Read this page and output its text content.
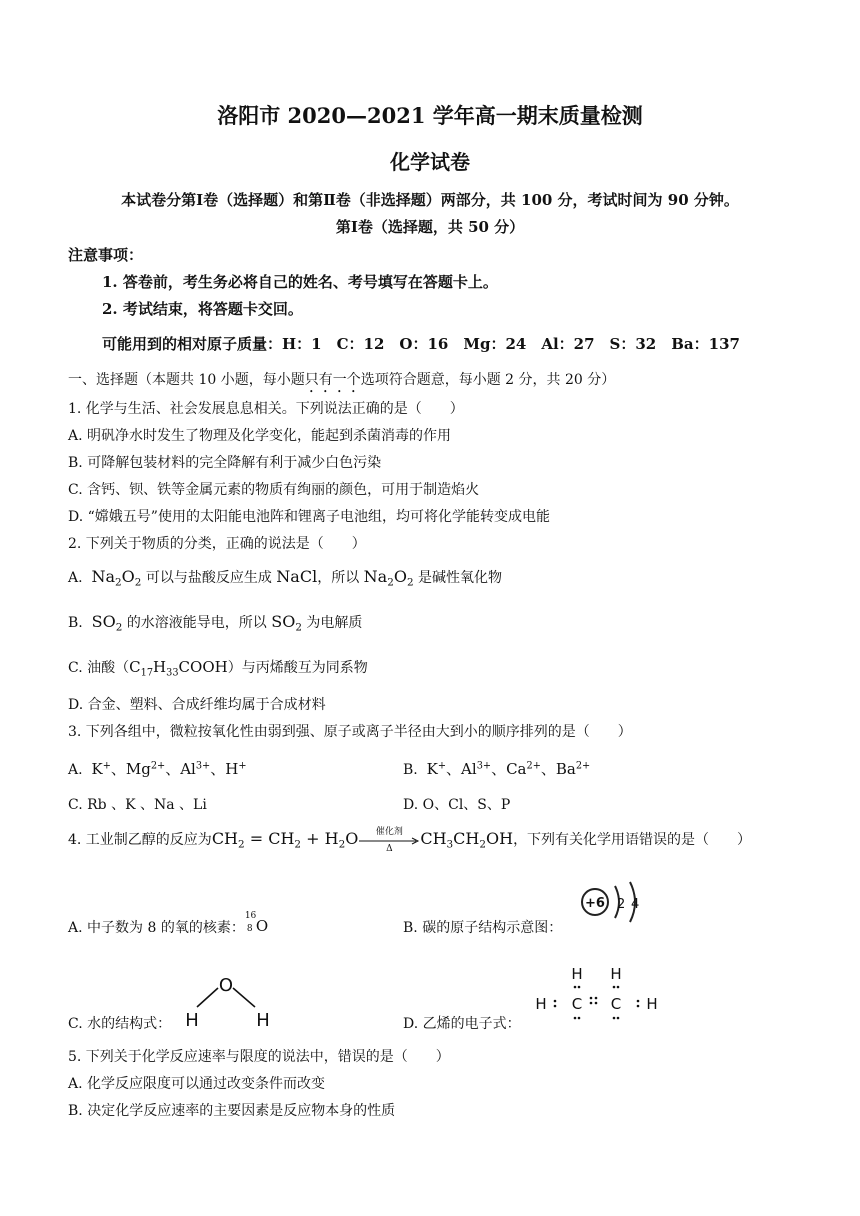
洛阳市 2020—2021 学年高一期末质量检测
化学试卷
本试卷分第Ⅰ卷（选择题）和第Ⅱ卷（非选择题）两部分，共 100 分，考试时间为 90 分钟。
第Ⅰ卷（选择题，共 50 分）
注意事项：
1. 答卷前，考生务必将自己的姓名、考号填写在答题卡上。
2. 考试结束，将答题卡交回。
可能用到的相对原子质量：H：1　C：12　O：16　Mg：24　Al：27　S：32　Ba：137
一、选择题（本题共 10 小题，每小题只有一个选项符合题意，每小题 2 分，共 20 分）
1. 化学与生活、社会发展息息相关。下列说法正确的是（　　）
A. 明矾净水时发生了物理及化学变化，能起到杀菌消毒的作用
B. 可降解包装材料的完全降解有利于减少白色污染
C. 含钙、钡、铁等金属元素的物质有绚丽的颜色，可用于制造焰火
D. “嫦娥五号”使用的太阳能电池阵和锂离子电池组，均可将化学能转变成电能
2. 下列关于物质的分类，正确的说法是（　　）
A. $Na_2O_2$ 可以与盐酸反应生成 NaCl，所以 $Na_2O_2$ 是碱性氧化物
B. $SO_2$ 的水溶液能导电，所以 $SO_2$ 为电解质
C. 油酸$(C_{17}H_{33}COOH)$与丙烯酸互为同系物
D. 合金、塑料、合成纤维均属于合成材料
3. 下列各组中，微粒按氧化性由弱到强、原子或离子半径由大到小的顺序排列的是（　　）
A. K+、$Mg^{2+}$、$Al^{3+}$、H+	B. K+、$Al^{3+}$、$Ca^{2+}$、$Ba^{2+}$
C. Rb 、K 、Na 、Li	D. O、Cl、S、P
4. 工业制乙醇的反应为$CH_2 = CH_2 + H_2O$	催化剂
Δ
$CH_3CH_2OH$，下列有关化学用语错误的是（　　）
A. 中子数为 8 的氧的核素：
16
8 O	B. 碳的原子结构示意图：
+6 2 4
C. 水的结构式：
O
H	H	D. 乙烯的电子式：
H H
H C C H
5. 下列关于化学反应速率与限度的说法中，错误的是（　　）
A. 化学反应限度可以通过改变条件而改变
B. 决定化学反应速率的主要因素是反应物本身的性质
